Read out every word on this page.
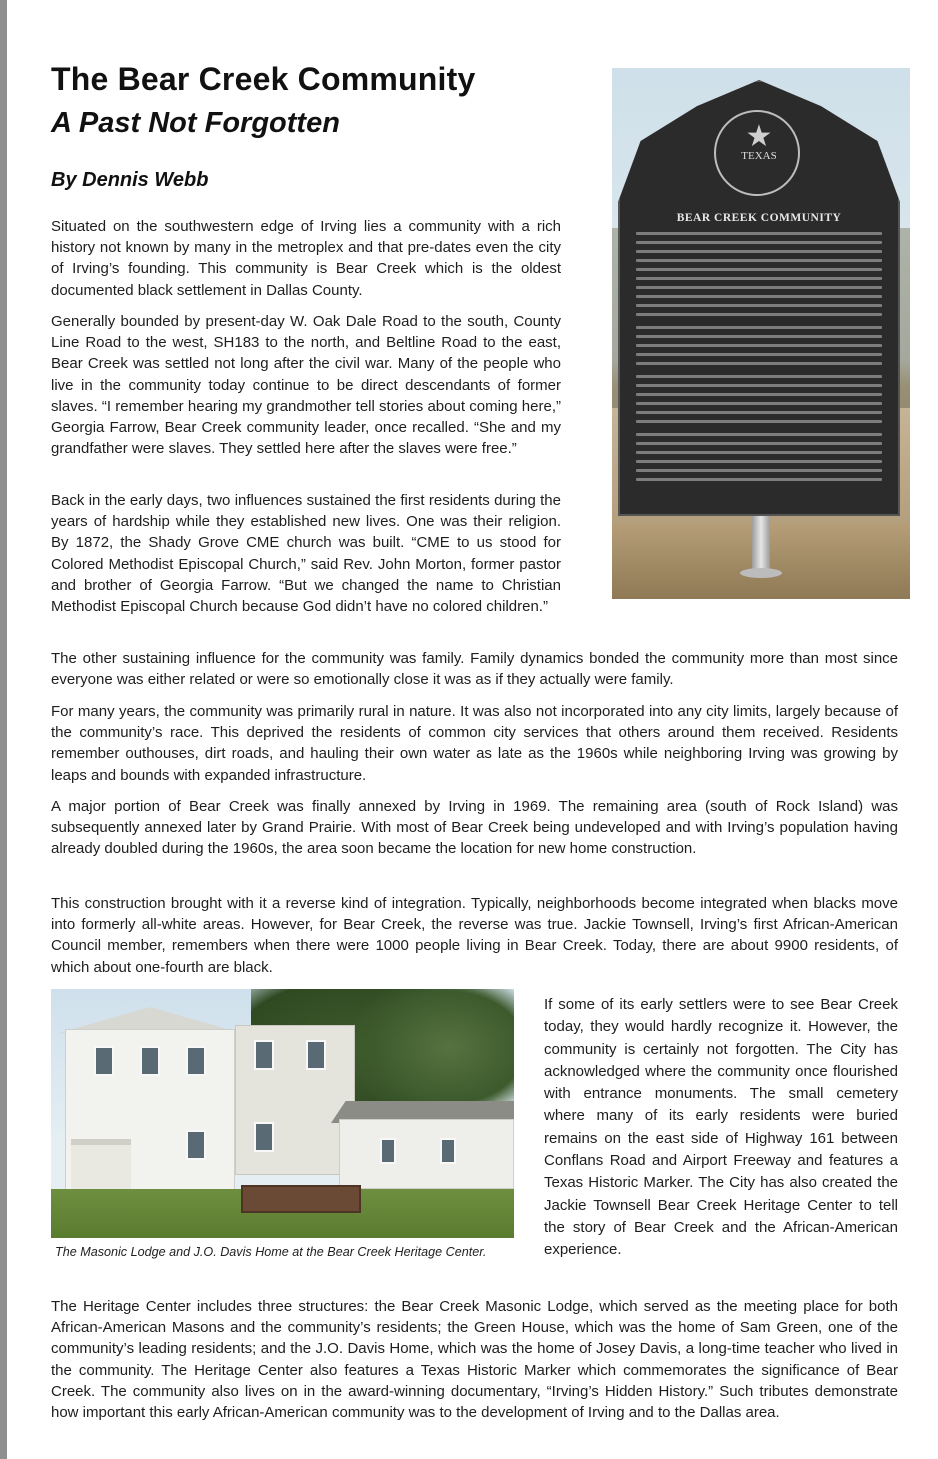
The Bear Creek Community
A Past Not Forgotten
By Dennis Webb

Situated on the southwestern edge of Irving lies a community with a rich history not known by many in the metroplex and that pre-dates even the city of Irving’s founding. This community is Bear Creek which is the oldest documented black settlement in Dallas County.

Generally bounded by present-day W. Oak Dale Road to the south, County Line Road to the west, SH183 to the north, and Beltline Road to the east, Bear Creek was settled not long after the civil war. Many of the people who live in the community today continue to be direct descendants of former slaves. “I remember hearing my grandmother tell stories about coming here,” Georgia Farrow, Bear Creek community leader, once recalled. “She and my grandfather were slaves. They settled here after the slaves were free.”

Back in the early days, two influences sustained the first residents during the years of hardship while they established new lives. One was their religion. By 1872, the Shady Grove CME church was built. “CME to us stood for Colored Methodist Episcopal Church,” said Rev. John Morton, former pastor and brother of Georgia Farrow. “But we changed the name to Christian Methodist Episcopal Church because God didn’t have no colored children.”

The other sustaining influence for the community was family. Family dynamics bonded the community more than most since everyone was either related or were so emotionally close it was as if they actually were family.

For many years, the community was primarily rural in nature. It was also not incorporated into any city limits, largely because of the community’s race. This deprived the residents of common city services that others around them received. Residents remember outhouses, dirt roads, and hauling their own water as late as the 1960s while neighboring Irving was growing by leaps and bounds with expanded infrastructure.

A major portion of Bear Creek was finally annexed by Irving in 1969. The remaining area (south of Rock Island) was subsequently annexed later by Grand Prairie. With most of Bear Creek being undeveloped and with Irving’s population having already doubled during the 1960s, the area soon became the location for new home construction.

This construction brought with it a reverse kind of integration. Typically, neighborhoods become integrated when blacks move into formerly all-white areas. However, for Bear Creek, the reverse was true. Jackie Townsell, Irving’s first African-American Council member, remembers when there were 1000 people living in Bear Creek. Today, there are about 9900 residents, of which about one-fourth are black.

If some of its early settlers were to see Bear Creek today, they would hardly recognize it. However, the community is certainly not forgotten. The City has acknowledged where the community once flourished with entrance monuments. The small cemetery where many of its early residents were buried remains on the east side of Highway 161 between Conflans Road and Airport Freeway and features a Texas Historic Marker. The City has also created the Jackie Townsell Bear Creek Heritage Center to tell the story of Bear Creek and the African-American experience.

The Heritage Center includes three structures: the Bear Creek Masonic Lodge, which served as the meeting place for both African-American Masons and the community’s residents; the Green House, which was the home of Sam Green, one of the community’s leading residents; and the J.O. Davis Home, which was the home of Josey Davis, a long-time teacher who lived in the community. The Heritage Center also features a Texas Historic Marker which commemorates the significance of Bear Creek. The community also lives on in the award-winning documentary, “Irving’s Hidden History.” Such tributes demonstrate how important this early African-American community was to the development of Irving and to the Dallas area.

★
TEXAS
BEAR CREEK COMMUNITY
The Masonic Lodge and J.O. Davis Home at the Bear Creek Heritage Center.
